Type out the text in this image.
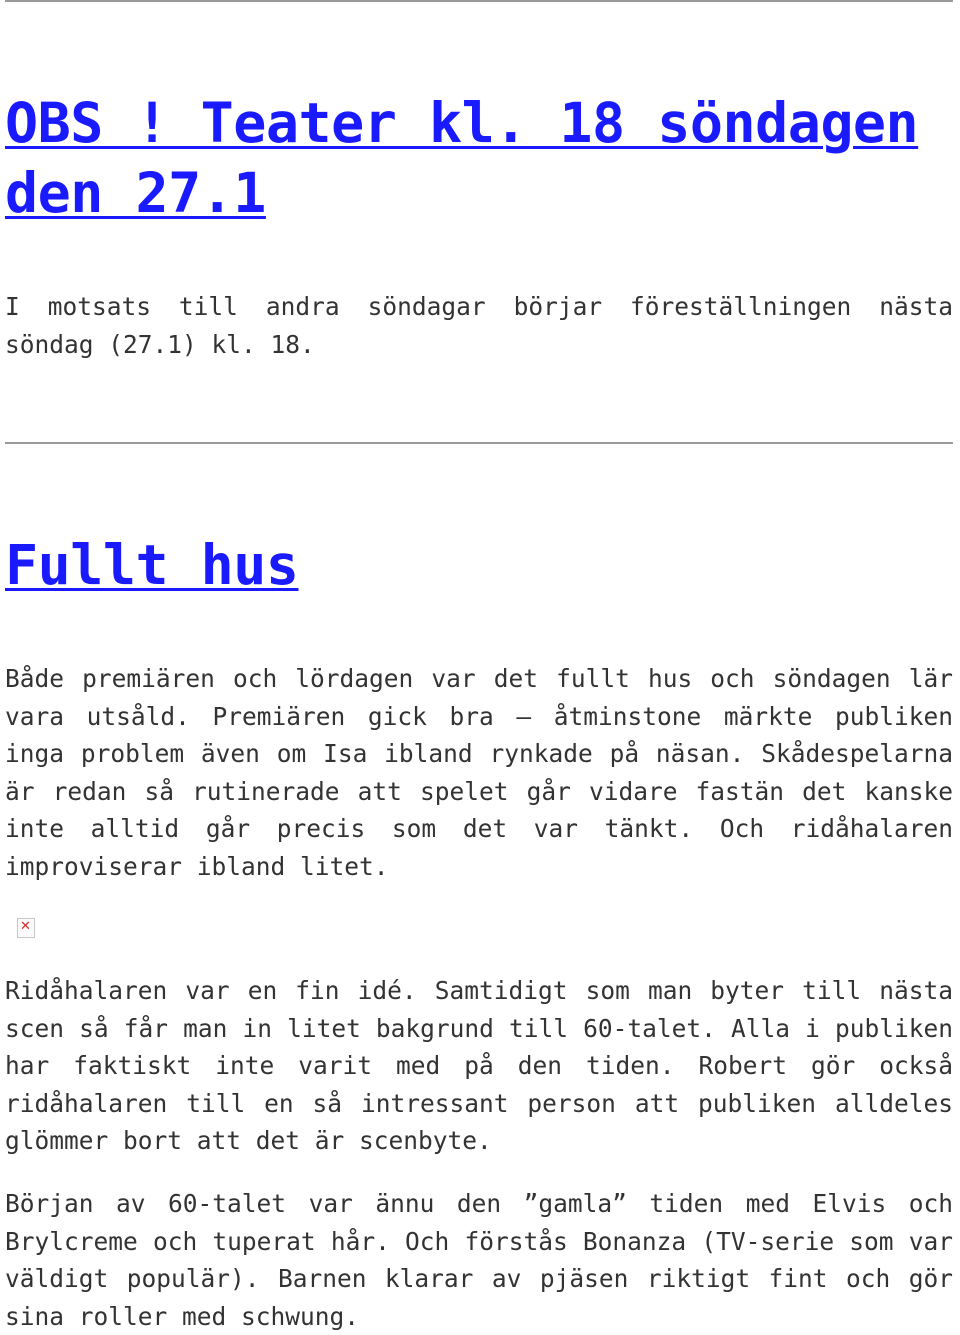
OBS ! Teater kl. 18 söndagen den 27.1

I motsats till andra söndagar börjar föreställningen nästa söndag (27.1) kl. 18.

Fullt hus

Både premiären och lördagen var det fullt hus och söndagen lär vara utsåld. Premiären gick bra – åtminstone märkte publiken inga problem även om Isa ibland rynkade på näsan. Skådespelarna är redan så rutinerade att spelet går vidare fastän det kanske inte alltid går precis som det var tänkt. Och ridåhalaren improviserar ibland litet.

✕

Ridåhalaren var en fin idé. Samtidigt som man byter till nästa scen så får man in litet bakgrund till 60-talet. Alla i publiken har faktiskt inte varit med på den tiden. Robert gör också ridåhalaren till en så intressant person att publiken alldeles glömmer bort att det är scenbyte.

Början av 60-talet var ännu den ”gamla” tiden med Elvis och Brylcreme och tuperat hår. Och förstås Bonanza (TV-serie som var väldigt populär). Barnen klarar av pjäsen riktigt fint och gör sina roller med schwung.
